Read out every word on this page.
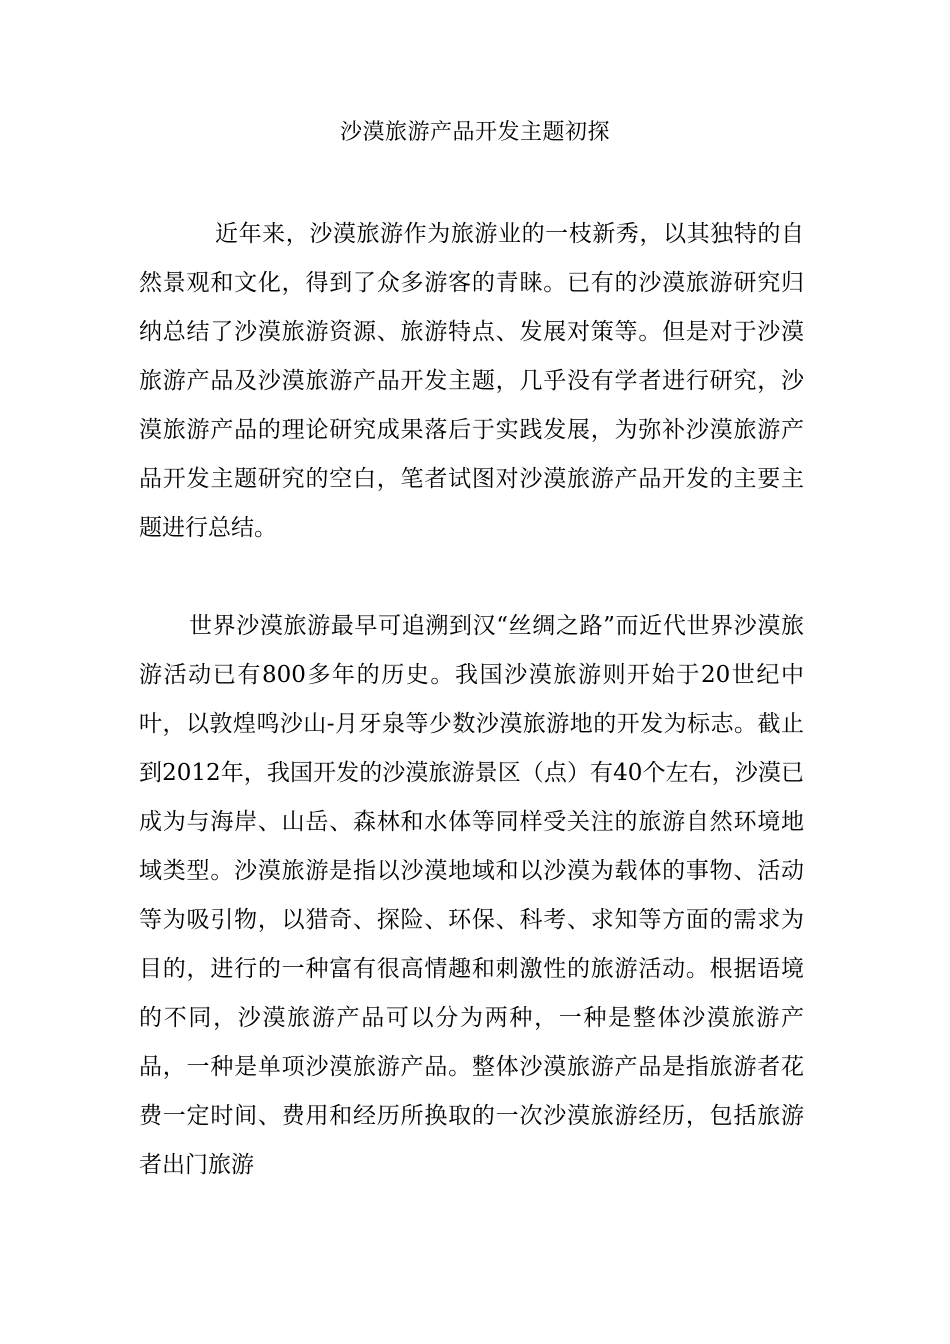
沙漠旅游产品开发主题初探

近年来，沙漠旅游作为旅游业的一枝新秀，以其独特的自然景观和文化，得到了众多游客的青睐。已有的沙漠旅游研究归纳总结了沙漠旅游资源、旅游特点、发展对策等。但是对于沙漠旅游产品及沙漠旅游产品开发主题，几乎没有学者进行研究，沙漠旅游产品的理论研究成果落后于实践发展，为弥补沙漠旅游产品开发主题研究的空白，笔者试图对沙漠旅游产品开发的主要主题进行总结。

世界沙漠旅游最早可追溯到汉“丝绸之路”而近代世界沙漠旅游活动已有800多年的历史。我国沙漠旅游则开始于20世纪中叶，以敦煌鸣沙山-月牙泉等少数沙漠旅游地的开发为标志。截止到2012年，我国开发的沙漠旅游景区（点）有40个左右，沙漠已成为与海岸、山岳、森林和水体等同样受关注的旅游自然环境地域类型。沙漠旅游是指以沙漠地域和以沙漠为载体的事物、活动等为吸引物，以猎奇、探险、环保、科考、求知等方面的需求为目的，进行的一种富有很高情趣和刺激性的旅游活动。根据语境的不同，沙漠旅游产品可以分为两种，一种是整体沙漠旅游产品，一种是单项沙漠旅游产品。整体沙漠旅游产品是指旅游者花费一定时间、费用和经历所换取的一次沙漠旅游经历，包括旅游者出门旅游
